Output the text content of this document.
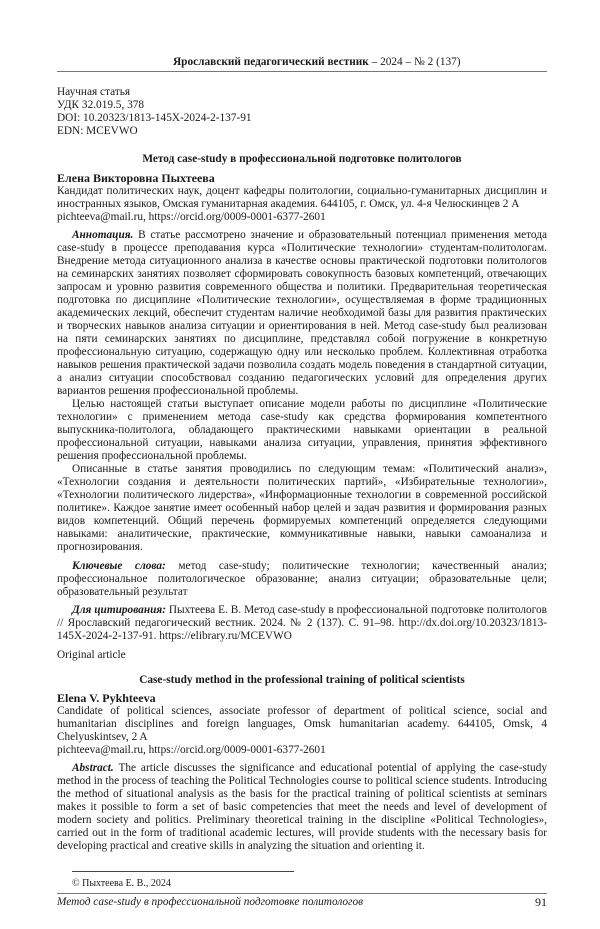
Ярославский педагогический вестник – 2024 – № 2 (137)

Научная статья

УДК 32.019.5, 378

DOI: 10.20323/1813-145X-2024-2-137-91

EDN: MCEVWO

Метод case-study в профессиональной подготовке политологов

Елена Викторовна Пыхтеева

Кандидат политических наук, доцент кафедры политологии, социально-гуманитарных дисциплин и иностранных языков, Омская гуманитарная академия. 644105, г. Омск, ул. 4-я Челюскинцев 2 А

pichteeva@mail.ru, https://orcid.org/0009-0001-6377-2601

Аннотация. В статье рассмотрено значение и образовательный потенциал применения метода case-study в процессе преподавания курса «Политические технологии» студентам-политологам. Внедрение метода ситуационного анализа в качестве основы практической подготовки политологов на семинарских занятиях позволяет сформировать совокупность базовых компетенций, отвечающих запросам и уровню развития современного общества и политики. Предварительная теоретическая подготовка по дисциплине «Политические технологии», осуществляемая в форме традиционных академических лекций, обеспечит студентам наличие необходимой базы для развития практических и творческих навыков анализа ситуации и ориентирования в ней. Метод case-study был реализован на пяти семинарских занятиях по дисциплине, представлял собой погружение в конкретную профессиональную ситуацию, содержащую одну или несколько проблем. Коллективная отработка навыков решения практической задачи позволила создать модель поведения в стандартной ситуации, а анализ ситуации способствовал созданию педагогических условий для определения других вариантов решения профессиональной проблемы.

Целью настоящей статьи выступает описание модели работы по дисциплине «Политические технологии» с применением метода case-study как средства формирования компетентного выпускника-политолога, обладающего практическими навыками ориентации в реальной профессиональной ситуации, навыками анализа ситуации, управления, принятия эффективного решения профессиональной проблемы.

Описанные в статье занятия проводились по следующим темам: «Политический анализ», «Технологии создания и деятельности политических партий», «Избирательные технологии», «Технологии политического лидерства», «Информационные технологии в современной российской политике». Каждое занятие имеет особенный набор целей и задач развития и формирования разных видов компетенций. Общий перечень формируемых компетенций определяется следующими навыками: аналитические, практические, коммуникативные навыки, навыки самоанализа и прогнозирования.

Ключевые слова: метод case-study; политические технологии; качественный анализ; профессиональное политологическое образование; анализ ситуации; образовательные цели; образовательный результат

Для цитирования: Пыхтеева Е. В. Метод case-study в профессиональной подготовке политологов // Ярославский педагогический вестник. 2024. № 2 (137). С. 91–98. http://dx.doi.org/10.20323/1813-145X-2024-2-137-91. https://elibrary.ru/MCEVWO

Original article
Case-study method in the professional training of political scientists

Elena V. Pykhteeva

Candidate of political sciences, associate professor of department of political science, social and humanitarian disciplines and foreign languages, Omsk humanitarian academy. 644105, Omsk, 4 Chelyuskintsev, 2 A

pichteeva@mail.ru, https://orcid.org/0009-0001-6377-2601

Abstract. The article discusses the significance and educational potential of applying the case-study method in the process of teaching the Political Technologies course to political science students. Introducing the method of situational analysis as the basis for the practical training of political scientists at seminars makes it possible to form a set of basic competencies that meet the needs and level of development of modern society and politics. Preliminary theoretical training in the discipline «Political Technologies», carried out in the form of traditional academic lectures, will provide students with the necessary basis for developing practical and creative skills in analyzing the situation and orienting it.

© Пыхтеева Е. В., 2024
Метод case-study в профессиональной подготовке политологов	91
